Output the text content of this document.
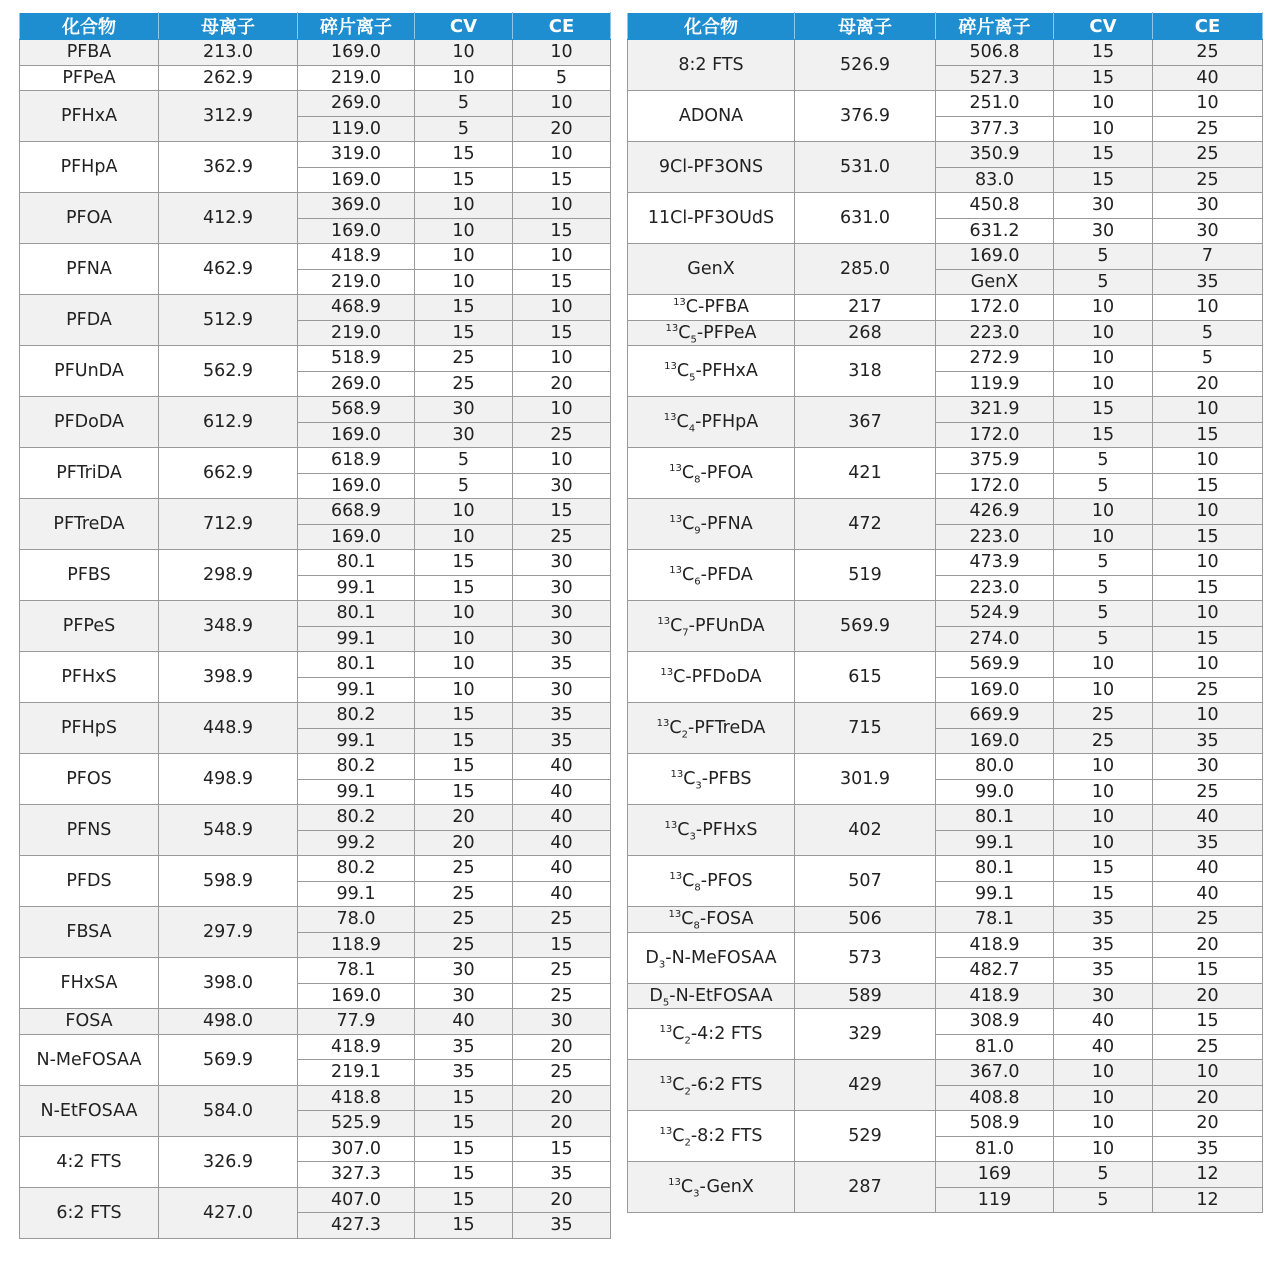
化合物	母离子	碎片离子	CV	CE
PFBA	213.0	169.0	10	10
PFPeA	262.9	219.0	10	5
PFHxA	312.9	269.0	5	10
		119.0	5	20
PFHpA	362.9	319.0	15	10
		169.0	15	15
PFOA	412.9	369.0	10	10
		169.0	10	15
PFNA	462.9	418.9	10	10
		219.0	10	15
PFDA	512.9	468.9	15	10
		219.0	15	15
PFUnDA	562.9	518.9	25	10
		269.0	25	20
PFDoDA	612.9	568.9	30	10
		169.0	30	25
PFTriDA	662.9	618.9	5	10
		169.0	5	30
PFTreDA	712.9	668.9	10	15
		169.0	10	25
PFBS	298.9	80.1	15	30
		99.1	15	30
PFPeS	348.9	80.1	10	30
		99.1	10	30
PFHxS	398.9	80.1	10	35
		99.1	10	30
PFHpS	448.9	80.2	15	35
		99.1	15	35
PFOS	498.9	80.2	15	40
		99.1	15	40
PFNS	548.9	80.2	20	40
		99.2	20	40
PFDS	598.9	80.2	25	40
		99.1	25	40
FBSA	297.9	78.0	25	25
		118.9	25	15
FHxSA	398.0	78.1	30	25
		169.0	30	25
FOSA	498.0	77.9	40	30
N-MeFOSAA	569.9	418.9	35	20
		219.1	35	25
N-EtFOSAA	584.0	418.8	15	20
		525.9	15	20
4:2 FTS	326.9	307.0	15	15
		327.3	15	35
6:2 FTS	427.0	407.0	15	20
		427.3	15	35
化合物	母离子	碎片离子	CV	CE
8:2 FTS	526.9	506.8	15	25
		527.3	15	40
ADONA	376.9	251.0	10	10
		377.3	10	25
9Cl-PF3ONS	531.0	350.9	15	25
		83.0	15	25
11Cl-PF3OUdS	631.0	450.8	30	30
		631.2	30	30
GenX	285.0	169.0	5	7
		GenX	5	35
$^{13}$C-PFBA	217	172.0	10	10
$^{13}C_5$-PFPeA	268	223.0	10	5
$^{13}C_5$-PFHxA	318	272.9	10	5
		119.9	10	20
$^{13}C_4$-PFHpA	367	321.9	15	10
		172.0	15	15
$^{13}C_8$-PFOA	421	375.9	5	10
		172.0	5	15
$^{13}C_9$-PFNA	472	426.9	10	10
		223.0	10	15
$^{13}C_6$-PFDA	519	473.9	5	10
		223.0	5	15
$^{13}C_7$-PFUnDA	569.9	524.9	5	10
		274.0	5	15
$^{13}$C-PFDoDA	615	569.9	10	10
		169.0	10	25
$^{13}C_2$-PFTreDA	715	669.9	25	10
		169.0	25	35
$^{13}C_3$-PFBS	301.9	80.0	10	30
		99.0	10	25
$^{13}C_3$-PFHxS	402	80.1	10	40
		99.1	10	35
$^{13}C_8$-PFOS	507	80.1	15	40
		99.1	15	40
$^{13}C_8$-FOSA	506	78.1	35	25
$D_3-N$-MeFOSAA	573	418.9	35	20
		482.7	35	15
$D_5-N$-EtFOSAA	589	418.9	30	20
$^{13}C_2-4:2$ FTS	329	308.9	40	15
		81.0	40	25
$^{13}C_2-6:2$ FTS	429	367.0	10	10
		408.8	10	20
$^{13}C_2-8:2$ FTS	529	508.9	10	20
		81.0	10	35
$^{13}C_3$-GenX	287	169	5	12
		119	5	12
